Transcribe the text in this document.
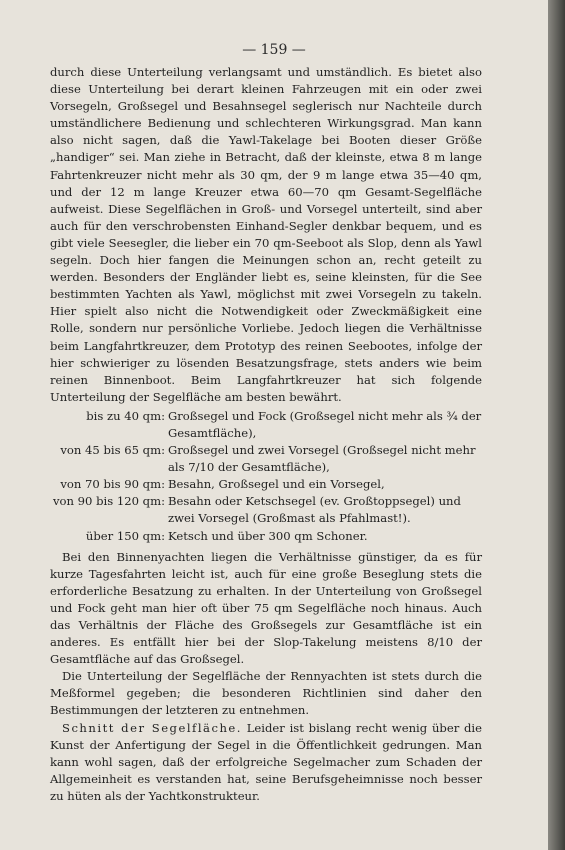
— 159 —

durch diese Unterteilung verlangsamt und umständlich. Es bietet also diese Unterteilung bei derart kleinen Fahrzeugen mit ein oder zwei Vorsegeln, Großsegel und Besahnsegel seglerisch nur Nachteile durch umständlichere Bedienung und schlechteren Wirkungsgrad. Man kann also nicht sagen, daß die Yawl-Takelage bei Booten dieser Größe „handiger“ sei. Man ziehe in Betracht, daß der kleinste, etwa 8 m lange Fahrtenkreuzer nicht mehr als 30 qm, der 9 m lange etwa 35—40 qm, und der 12 m lange Kreuzer etwa 60—70 qm Gesamt-Segelfläche aufweist. Diese Segelflächen in Groß- und Vorsegel unterteilt, sind aber auch für den verschrobensten Einhand-Segler denkbar bequem, und es gibt viele Seesegler, die lieber ein 70 qm-Seeboot als Slop, denn als Yawl segeln. Doch hier fangen die Meinungen schon an, recht geteilt zu werden. Besonders der Engländer liebt es, seine kleinsten, für die See bestimmten Yachten als Yawl, möglichst mit zwei Vorsegeln zu takeln. Hier spielt also nicht die Notwendigkeit oder Zweckmäßigkeit eine Rolle, sondern nur persönliche Vorliebe. Jedoch liegen die Verhältnisse beim Langfahrtkreuzer, dem Prototyp des reinen Seebootes, infolge der hier schwieriger zu lösenden Besatzungsfrage, stets anders wie beim reinen Binnenboot. Beim Langfahrtkreuzer hat sich folgende Unterteilung der Segelfläche am besten bewährt.

bis zu 40 qm:	Großsegel und Fock (Großsegel nicht mehr als ¾ der Gesamtfläche),
von 45 bis 65 qm:	Großsegel und zwei Vorsegel (Großsegel nicht mehr als 7/10 der Gesamtfläche),
von 70 bis 90 qm:	Besahn, Großsegel und ein Vorsegel,
von 90 bis 120 qm:	Besahn oder Ketschsegel (ev. Großtoppsegel) und zwei Vorsegel (Großmast als Pfahlmast!).
über 150 qm:	Ketsch und über 300 qm Schoner.

Bei den Binnenyachten liegen die Verhältnisse günstiger, da es für kurze Tagesfahrten leicht ist, auch für eine große Beseglung stets die erforderliche Besatzung zu erhalten. In der Unterteilung von Großsegel und Fock geht man hier oft über 75 qm Segelfläche noch hinaus. Auch das Verhältnis der Fläche des Großsegels zur Gesamtfläche ist ein anderes. Es entfällt hier bei der Slop-Takelung meistens 8/10 der Gesamtfläche auf das Großsegel.

Die Unterteilung der Segelfläche der Rennyachten ist stets durch die Meßformel gegeben; die besonderen Richtlinien sind daher den Bestimmungen der letzteren zu entnehmen.

Schnitt der Segelfläche. Leider ist bislang recht wenig über die Kunst der Anfertigung der Segel in die Öffentlichkeit gedrungen. Man kann wohl sagen, daß der erfolgreiche Segelmacher zum Schaden der Allgemeinheit es verstanden hat, seine Berufsgeheimnisse noch besser zu hüten als der Yachtkonstrukteur.
